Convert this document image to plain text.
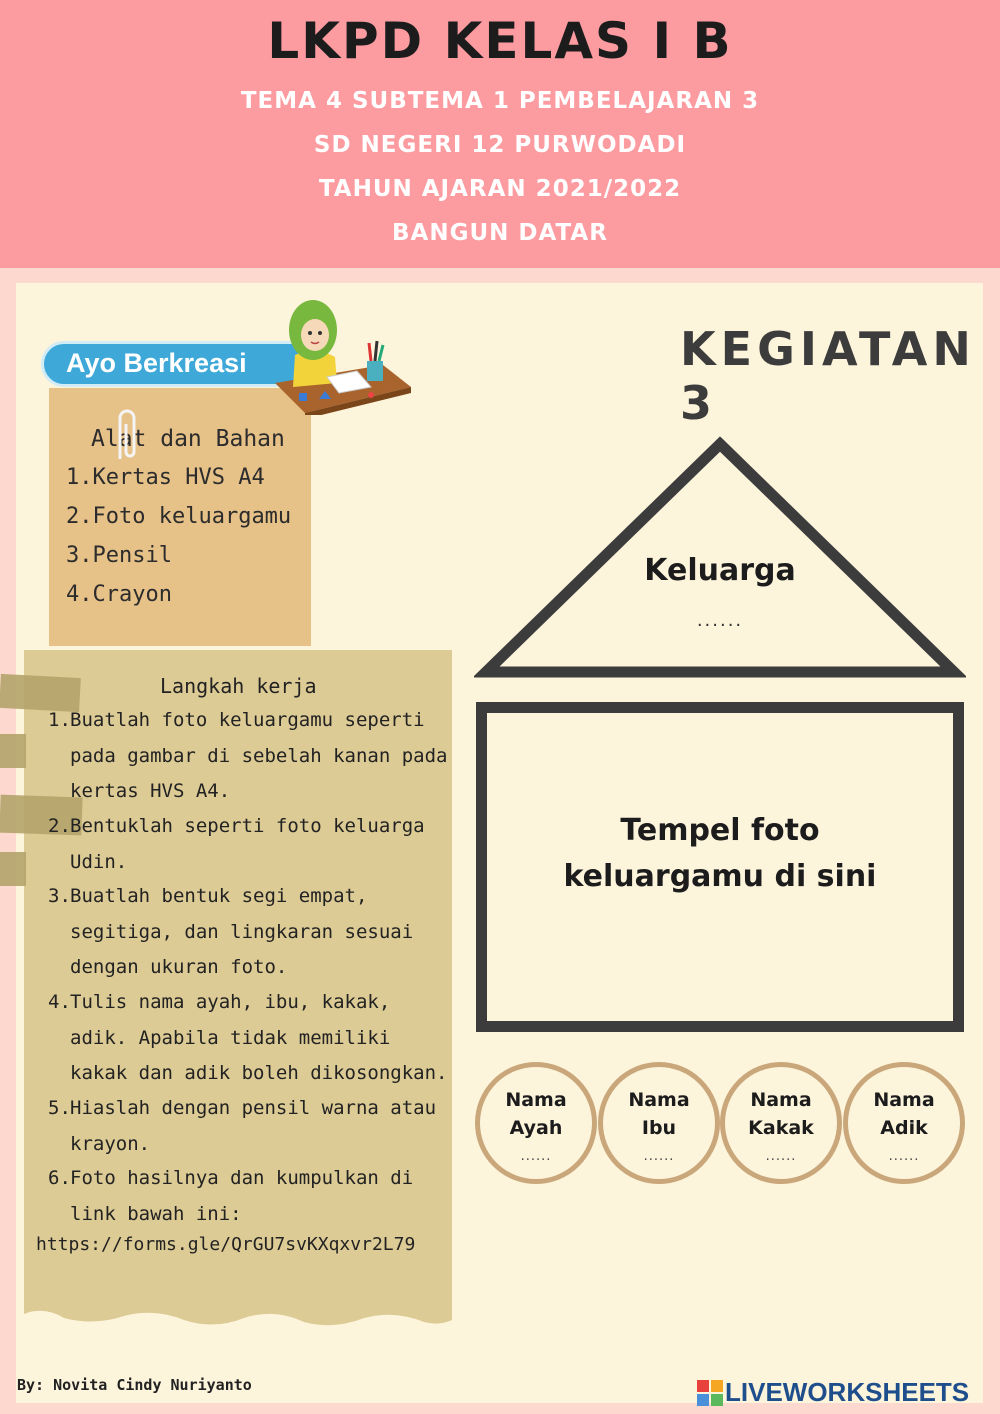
LKPD KELAS I B
TEMA 4 SUBTEMA 1 PEMBELAJARAN 3
SD NEGERI 12 PURWODADI
TAHUN AJARAN 2021/2022
BANGUN DATAR
Alat dan Bahan
1.Kertas HVS A4
2.Foto keluargamu
3.Pensil
4.Crayon
Ayo Berkreasi
Langkah kerja
1. Buatlah foto keluargamu seperti pada gambar di sebelah kanan pada kertas HVS A4.
2. Bentuklah seperti foto keluarga Udin.
3. Buatlah bentuk segi empat, segitiga, dan lingkaran sesuai dengan ukuran foto.
4. Tulis nama ayah, ibu, kakak, adik. Apabila tidak memiliki kakak dan adik boleh dikosongkan.
5. Hiaslah dengan pensil warna atau krayon.
6. Foto hasilnya dan kumpulkan di link bawah ini:
https://forms.gle/QrGU7svKXqxvr2L79
KEGIATAN 3
Keluarga
......
Tempel foto
keluargamu di sini
Nama
Ayah
......
Nama
Ibu
......
Nama
Kakak
......
Nama
Adik
......
By: Novita Cindy Nuriyanto	LIVEWORKSHEETS
